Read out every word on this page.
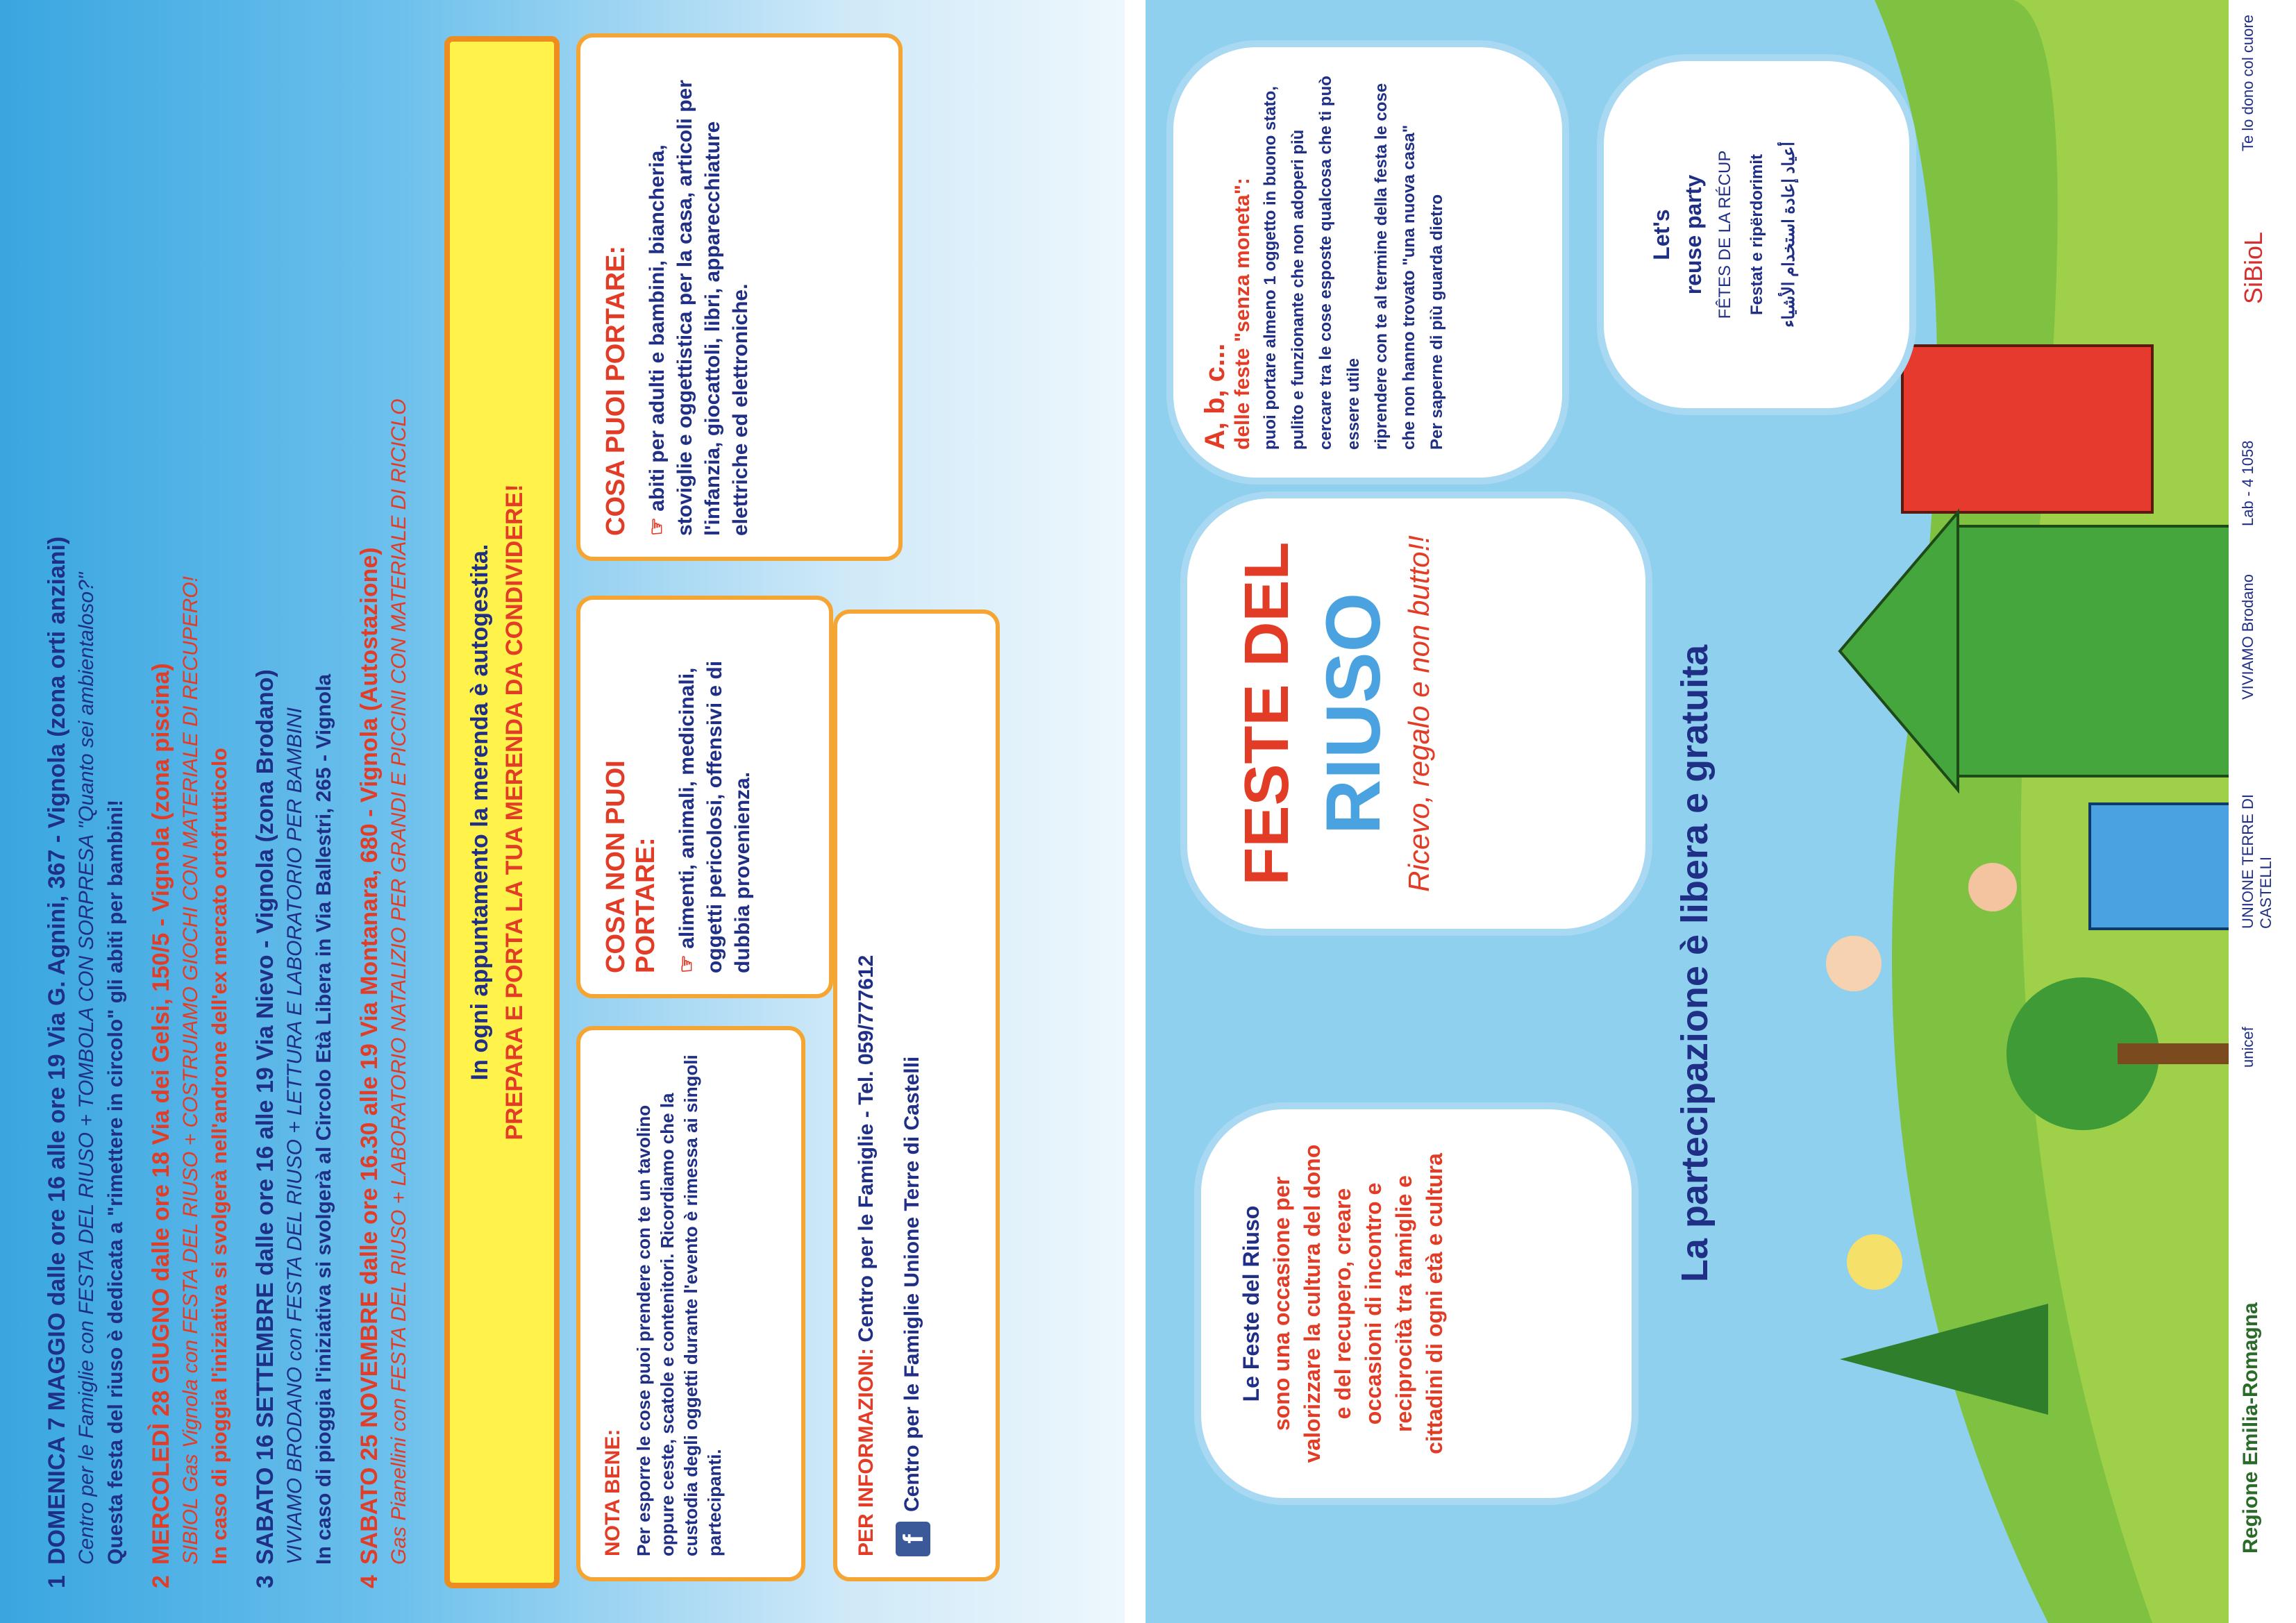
1DOMENICA 7 MAGGIO dalle ore 16 alle ore 19 Via G. Agnini, 367 - Vignola (zona orti anziani) Centro per le Famiglie con FESTA DEL RIUSO + TOMBOLA CON SORPRESA "Quanto sei ambientaloso?" Questa festa del riuso è dedicata a "rimettere in circolo" gli abiti per bambini!
2MERCOLEDÌ 28 GIUGNO dalle ore 18 Via dei Gelsi, 150/5 - Vignola (zona piscina) SIBIOL Gas Vignola con FESTA DEL RIUSO + COSTRUIAMO GIOCHI CON MATERIALE DI RECUPERO! In caso di pioggia l'iniziativa si svolgerà nell'androne dell'ex mercato ortofrutticolo
3SABATO 16 SETTEMBRE dalle ore 16 alle 19 Via Nievo - Vignola (zona Brodano) VIVIAMO BRODANO con FESTA DEL RIUSO + LETTURA E LABORATORIO PER BAMBINI In caso di pioggia l'iniziativa si svolgerà al Circolo Età Libera in Via Ballestri, 265 - Vignola
4SABATO 25 NOVEMBRE dalle ore 16.30 alle 19 Via Montanara, 680 - Vignola (Autostazione) Gas Pianellini con FESTA DEL RIUSO + LABORATORIO NATALIZIO PER GRANDI E PICCINI CON MATERIALE DI RICICLO In ogni appuntamento la merenda è autogestita. PREPARA E PORTA LA TUA MERENDA DA CONDIVIDERE!
COSA PUOI PORTARE: ☞ abiti per adulti e bambini, biancheria, stoviglie e oggettistica per la casa, articoli per l'infanzia, giocattoli, libri, apparecchiature elettriche ed elettroniche.

COSA NON PUOI PORTARE: ☞ alimenti, animali, medicinali, oggetti pericolosi, offensivi e di dubbia provenienza.

NOTA BENE: Per esporre le cose puoi prendere con te un tavolino oppure ceste, scatole e contenitori. Ricordiamo che la custodia degli oggetti durante l'evento è rimessa ai singoli partecipanti.	PER INFORMAZIONI: Centro per le Famiglie - Tel. 059/777612

fCentro per le Famiglie Unione Terre di Castelli

A, b, c... delle feste "senza moneta": puoi portare almeno 1 oggetto in buono stato, pulito e funzionante che non adoperi più cercare tra le cose esposte qualcosa che ti può essere utile riprendere con te al termine della festa le cose che non hanno trovato "una nuova casa" Per saperne di più guarda dietro	Let's reuse party FÊTES DE LA RÉCUP Festat e ripërdorimit أعياد إعادة استخدام الأشياء
FESTE DEL RIUSO Ricevo, regalo e non butto!!
Le Feste del Riuso sono una occasione per valorizzare la cultura del dono e del recupero, creare occasioni di incontro e reciprocità tra famiglie e cittadini di ogni età e cultura
La partecipazione è libera e gratuita
Te lo dono col cuore
SiBioL
Lab - 4 1058
VIVIAMO Brodano
UNIONE TERRE DI CASTELLI
unicef
Regione Emilia-Romagna
